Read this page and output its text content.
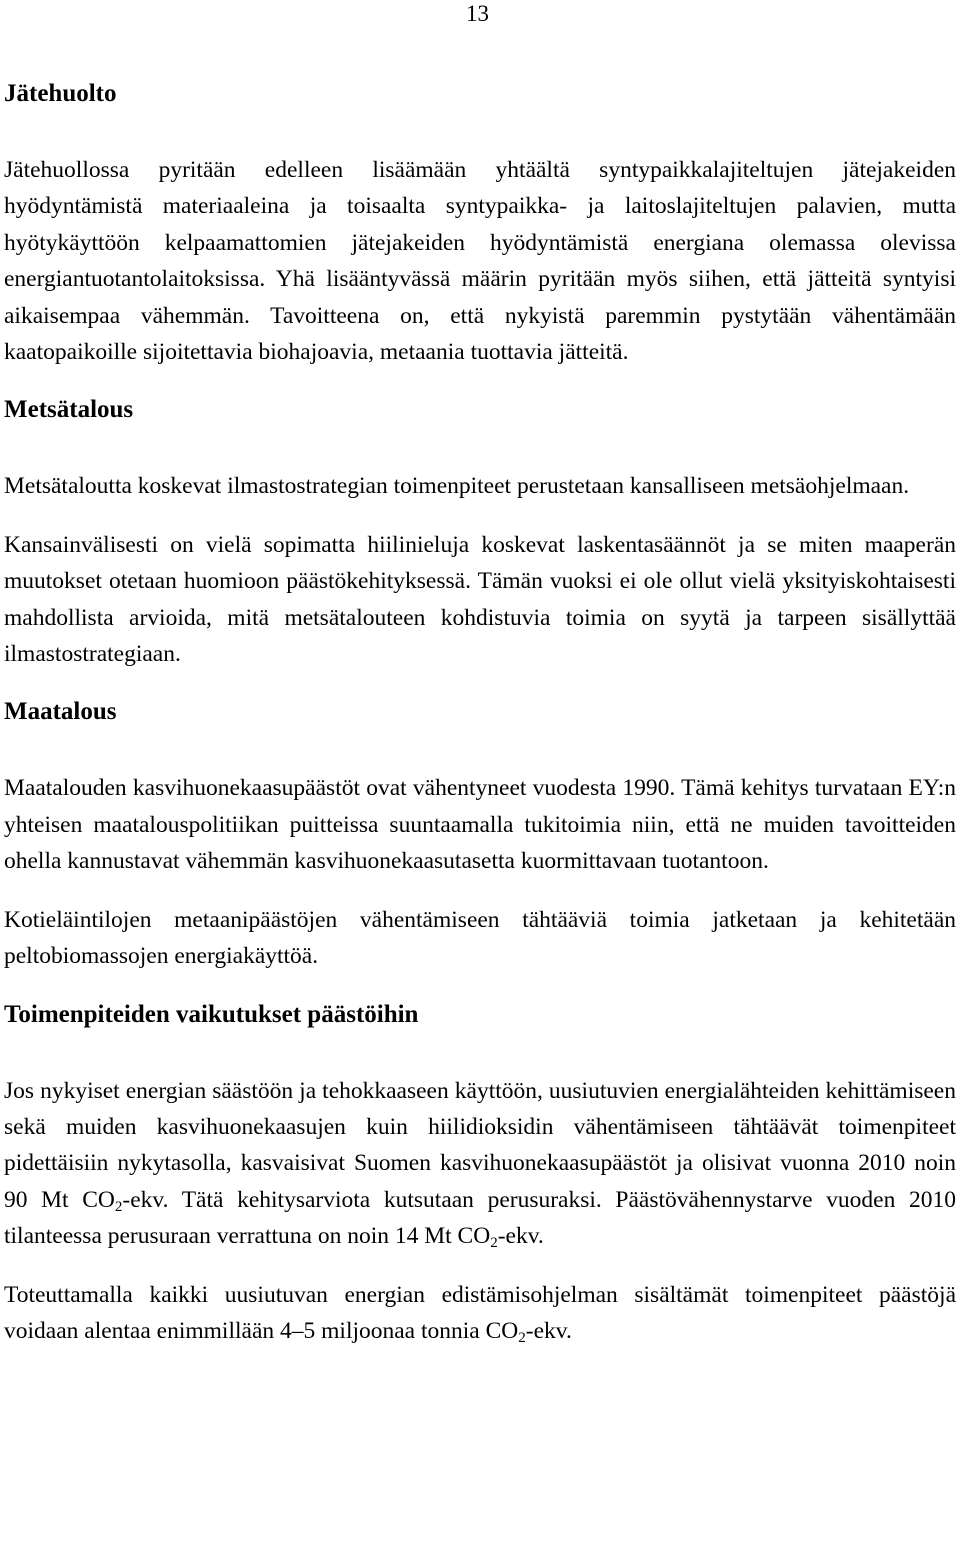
13
Jätehuolto

Jätehuollossa pyritään edelleen lisäämään yhtäältä syntypaikkalajiteltujen jätejakeiden hyödyntämistä materiaaleina ja toisaalta syntypaikka- ja laitoslajiteltujen palavien, mutta hyötykäyttöön kelpaamattomien jätejakeiden hyödyntämistä energiana olemassa olevissa energiantuotantolaitoksissa. Yhä lisääntyvässä määrin pyritään myös siihen, että jätteitä syntyisi aikaisempaa vähemmän. Tavoitteena on, että nykyistä paremmin pystytään vähentämään kaatopaikoille sijoitettavia biohajoavia, metaania tuottavia jätteitä.

Metsätalous

Metsätaloutta koskevat ilmastostrategian toimenpiteet perustetaan kansalliseen metsäohjelmaan.

Kansainvälisesti on vielä sopimatta hiilinieluja koskevat laskentasäännöt ja se miten maaperän muutokset otetaan huomioon päästökehityksessä. Tämän vuoksi ei ole ollut vielä yksityiskohtaisesti mahdollista arvioida, mitä metsätalouteen kohdistuvia toimia on syytä ja tarpeen sisällyttää ilmastostrategiaan.

Maatalous

Maatalouden kasvihuonekaasupäästöt ovat vähentyneet vuodesta 1990. Tämä kehitys turvataan EY:n yhteisen maatalouspolitiikan puitteissa suuntaamalla tukitoimia niin, että ne muiden tavoitteiden ohella kannustavat vähemmän kasvihuonekaasutasetta kuormittavaan tuotantoon.

Kotieläintilojen metaanipäästöjen vähentämiseen tähtääviä toimia jatketaan ja kehitetään peltobiomassojen energiakäyttöä.

Toimenpiteiden vaikutukset päästöihin

Jos nykyiset energian säästöön ja tehokkaaseen käyttöön, uusiutuvien energialähteiden kehittämiseen sekä muiden kasvihuonekaasujen kuin hiilidioksidin vähentämiseen tähtäävät toimenpiteet pidettäisiin nykytasolla, kasvaisivat Suomen kasvihuonekaasupäästöt ja olisivat vuonna 2010 noin 90 Mt $CO_2$-ekv. Tätä kehitysarviota kutsutaan perusuraksi. Päästövähennystarve vuoden 2010 tilanteessa perusuraan verrattuna on noin 14 Mt $CO_2$-ekv.

Toteuttamalla kaikki uusiutuvan energian edistämisohjelman sisältämät toimenpiteet päästöjä voidaan alentaa enimmillään 4–5 miljoonaa tonnia $CO_2$-ekv.
